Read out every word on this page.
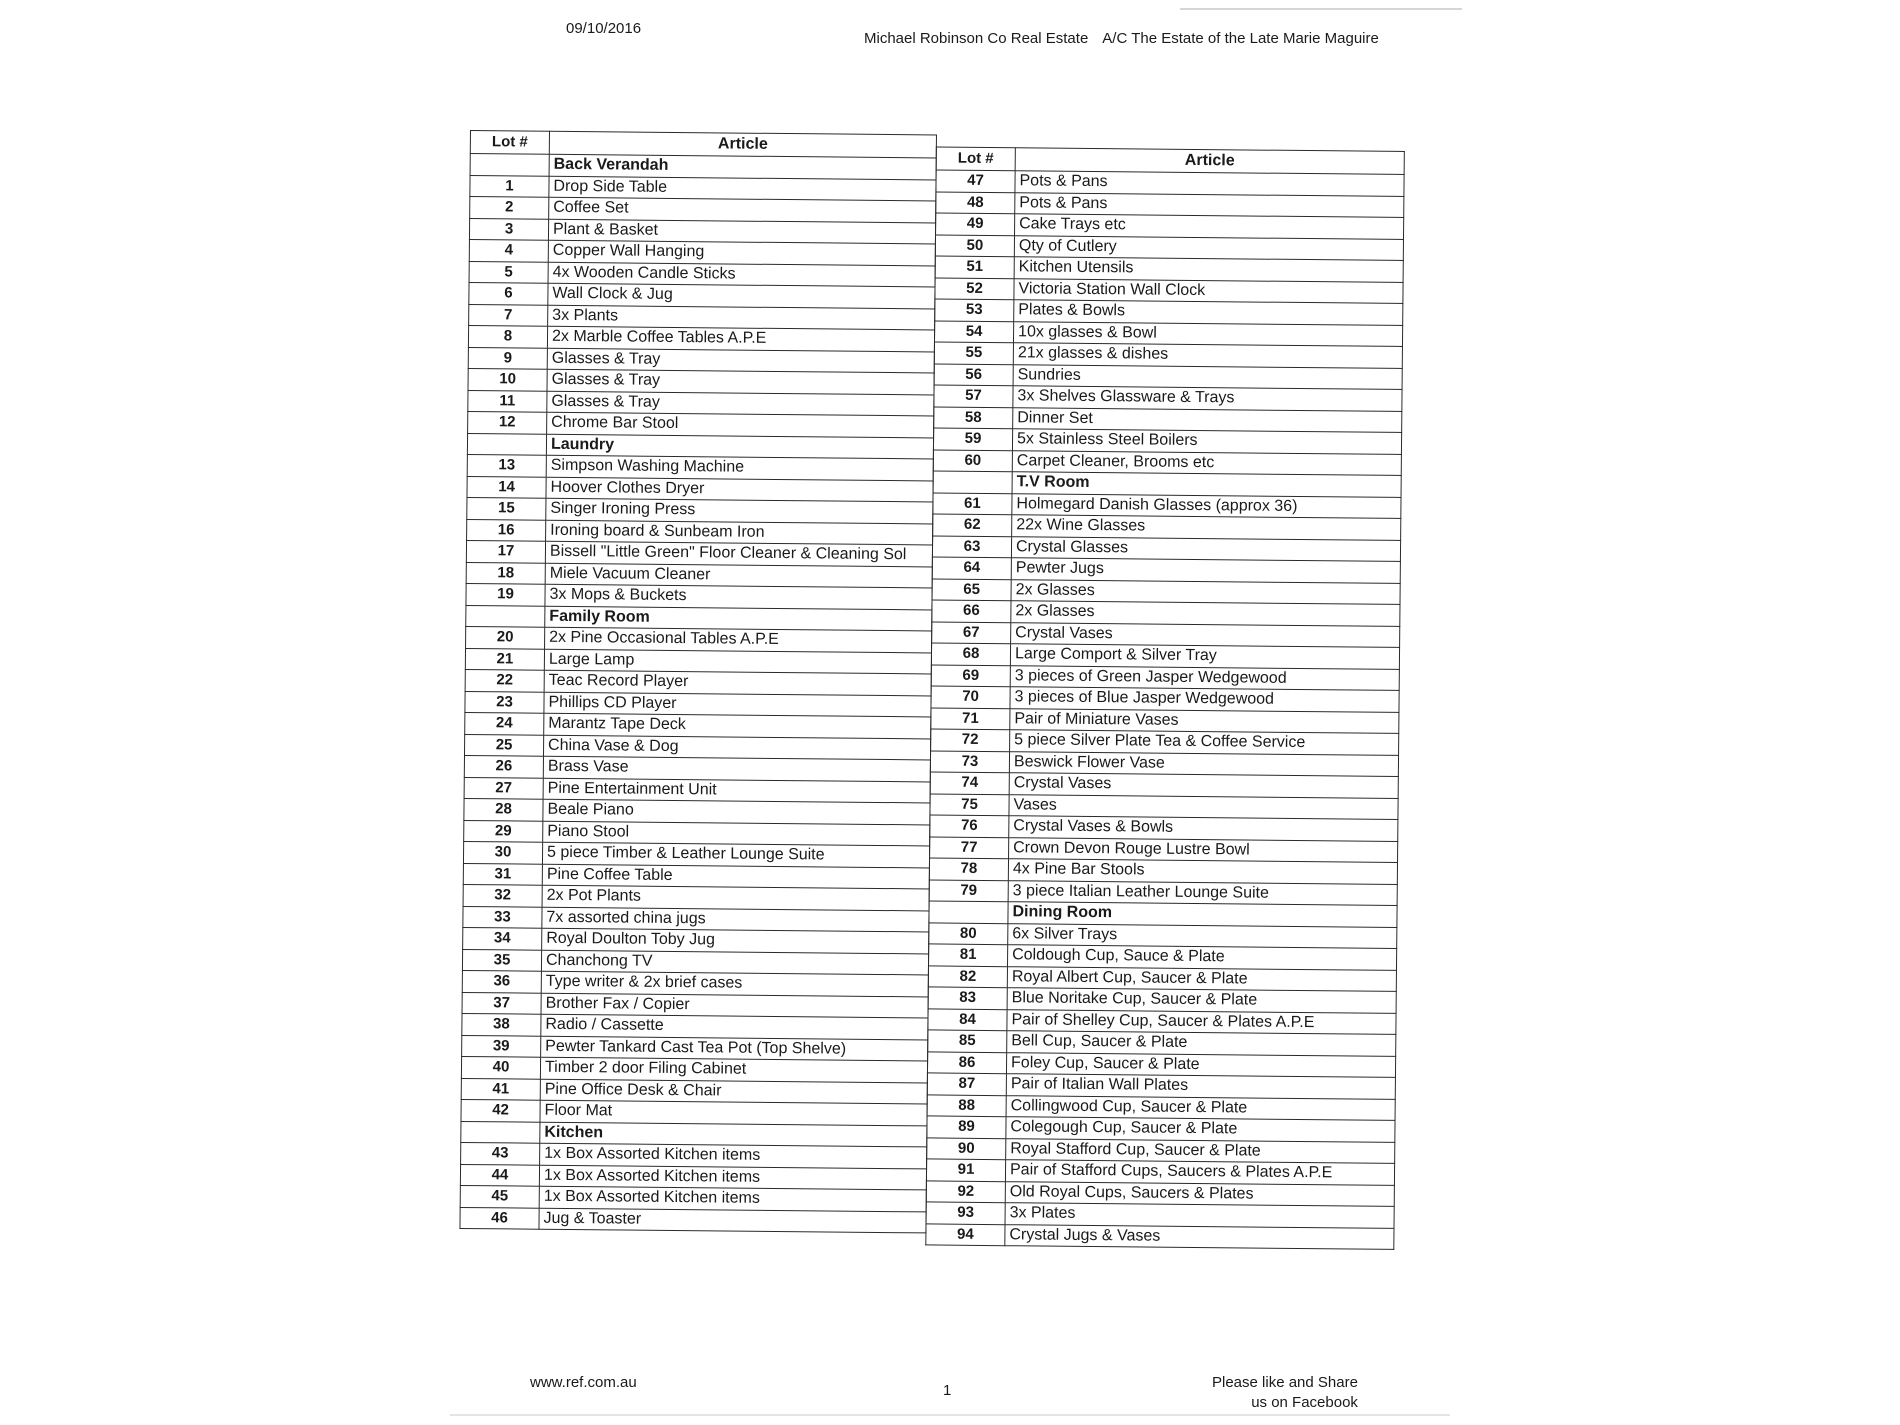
09/10/2016
Michael Robinson Co Real Estate A/C The Estate of the Late Marie Maguire
Lot #	Article
	Back Verandah
1	Drop Side Table
2	Coffee Set
3	Plant & Basket
4	Copper Wall Hanging
5	4x Wooden Candle Sticks
6	Wall Clock & Jug
7	3x Plants
8	2x Marble Coffee Tables A.P.E
9	Glasses & Tray
10	Glasses & Tray
11	Glasses & Tray
12	Chrome Bar Stool
	Laundry
13	Simpson Washing Machine
14	Hoover Clothes Dryer
15	Singer Ironing Press
16	Ironing board & Sunbeam Iron
17	Bissell "Little Green" Floor Cleaner & Cleaning Sol
18	Miele Vacuum Cleaner
19	3x Mops & Buckets
	Family Room
20	2x Pine Occasional Tables A.P.E
21	Large Lamp
22	Teac Record Player
23	Phillips CD Player
24	Marantz Tape Deck
25	China Vase & Dog
26	Brass Vase
27	Pine Entertainment Unit
28	Beale Piano
29	Piano Stool
30	5 piece Timber & Leather Lounge Suite
31	Pine Coffee Table
32	2x Pot Plants
33	7x assorted china jugs
34	Royal Doulton Toby Jug
35	Chanchong TV
36	Type writer & 2x brief cases
37	Brother Fax / Copier
38	Radio / Cassette
39	Pewter Tankard Cast Tea Pot (Top Shelve)
40	Timber 2 door Filing Cabinet
41	Pine Office Desk & Chair
42	Floor Mat
	Kitchen
43	1x Box Assorted Kitchen items
44	1x Box Assorted Kitchen items
45	1x Box Assorted Kitchen items
46	Jug & Toaster
Lot #	Article
47	Pots & Pans
48	Pots & Pans
49	Cake Trays etc
50	Qty of Cutlery
51	Kitchen Utensils
52	Victoria Station Wall Clock
53	Plates & Bowls
54	10x glasses & Bowl
55	21x glasses & dishes
56	Sundries
57	3x Shelves Glassware & Trays
58	Dinner Set
59	5x Stainless Steel Boilers
60	Carpet Cleaner, Brooms etc
	T.V Room
61	Holmegard Danish Glasses (approx 36)
62	22x Wine Glasses
63	Crystal Glasses
64	Pewter Jugs
65	2x Glasses
66	2x Glasses
67	Crystal Vases
68	Large Comport & Silver Tray
69	3 pieces of Green Jasper Wedgewood
70	3 pieces of Blue Jasper Wedgewood
71	Pair of Miniature Vases
72	5 piece Silver Plate Tea & Coffee Service
73	Beswick Flower Vase
74	Crystal Vases
75	Vases
76	Crystal Vases & Bowls
77	Crown Devon Rouge Lustre Bowl
78	4x Pine Bar Stools
79	3 piece Italian Leather Lounge Suite
	Dining Room
80	6x Silver Trays
81	Coldough Cup, Sauce & Plate
82	Royal Albert Cup, Saucer & Plate
83	Blue Noritake Cup, Saucer & Plate
84	Pair of Shelley Cup, Saucer & Plates A.P.E
85	Bell Cup, Saucer & Plate
86	Foley Cup, Saucer & Plate
87	Pair of Italian Wall Plates
88	Collingwood Cup, Saucer & Plate
89	Colegough Cup, Saucer & Plate
90	Royal Stafford Cup, Saucer & Plate
91	Pair of Stafford Cups, Saucers & Plates A.P.E
92	Old Royal Cups, Saucers & Plates
93	3x Plates
94	Crystal Jugs & Vases
www.ref.com.au	1	Please like and Share
us on Facebook
